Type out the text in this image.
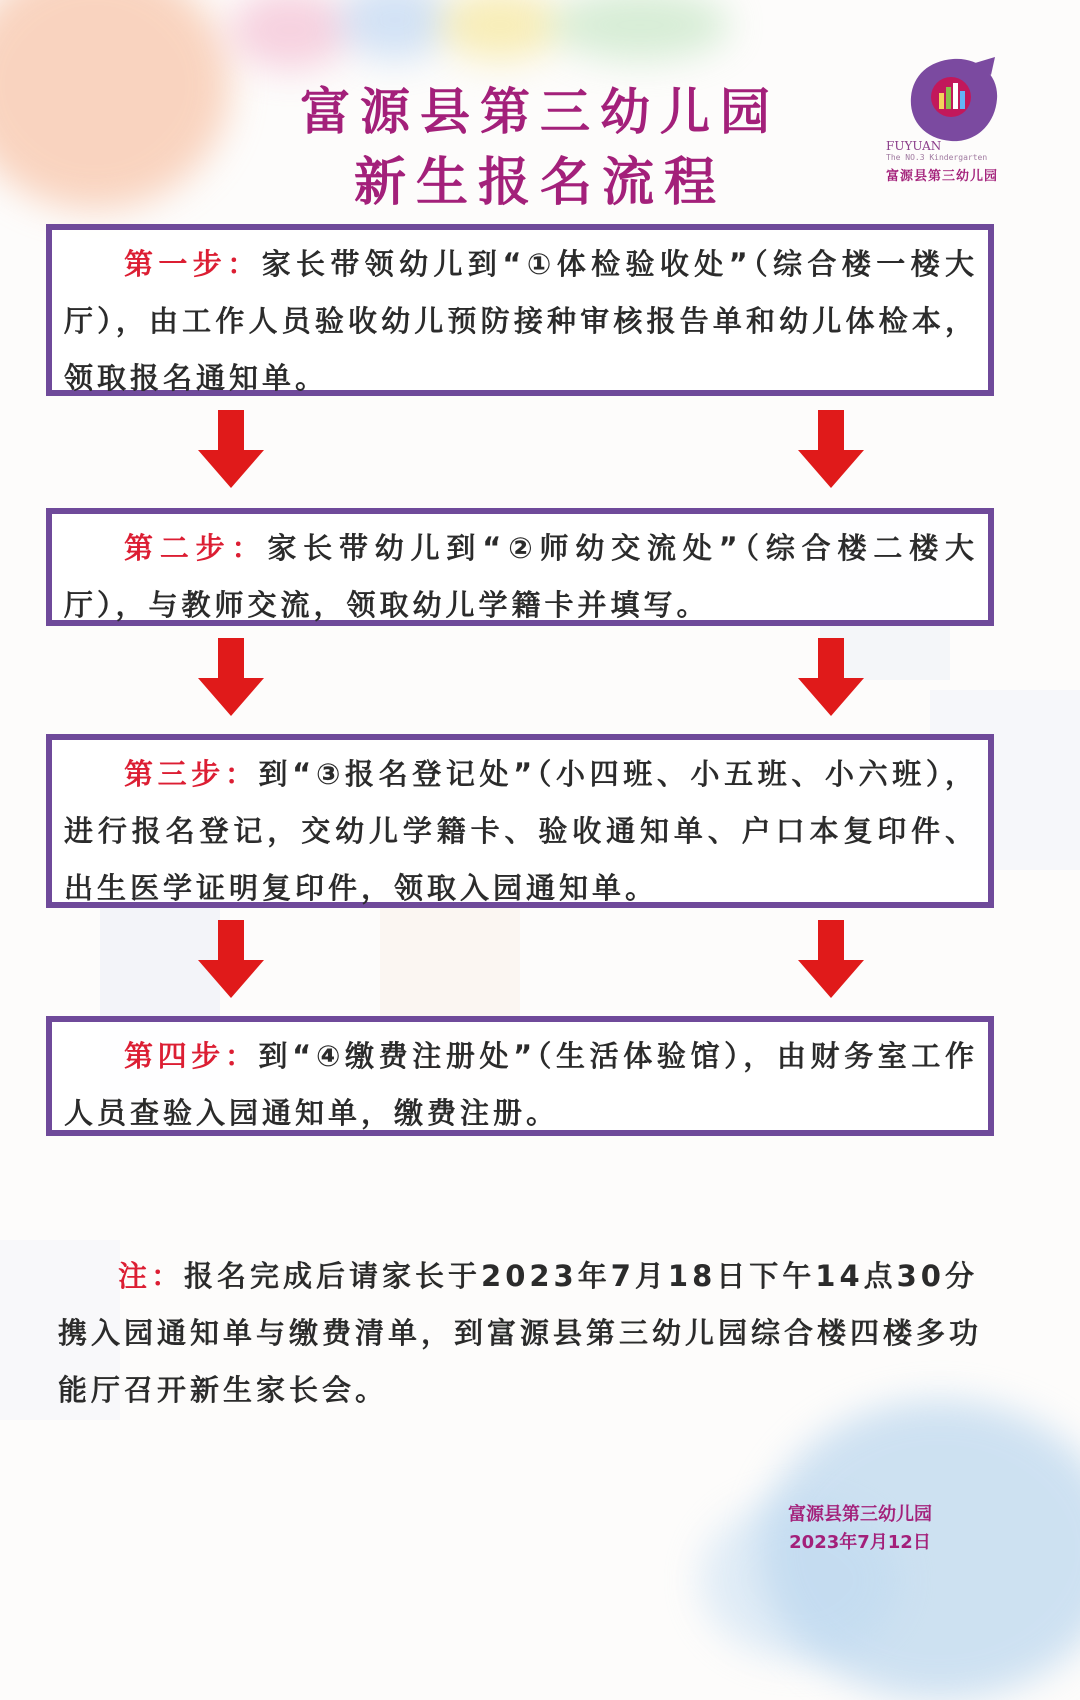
富源县第三幼儿园
新生报名流程
FUYUAN
The NO.3 Kindergarten
富源县第三幼儿园

第一步：家长带领幼儿到“①体检验收处”（综合楼一楼大厅），由工作人员验收幼儿预防接种审核报告单和幼儿体检本，领取报名通知单。

第二步：家长带幼儿到“②师幼交流处”（综合楼二楼大厅），与教师交流，领取幼儿学籍卡并填写。

第三步：到“③报名登记处”（小四班、小五班、小六班），进行报名登记，交幼儿学籍卡、验收通知单、户口本复印件、出生医学证明复印件，领取入园通知单。

第四步：到“④缴费注册处”（生活体验馆），由财务室工作人员查验入园通知单，缴费注册。

注：报名完成后请家长于2023年7月18日下午14点30分携入园通知单与缴费清单，到富源县第三幼儿园综合楼四楼多功能厅召开新生家长会。

富源县第三幼儿园
2023年7月12日
